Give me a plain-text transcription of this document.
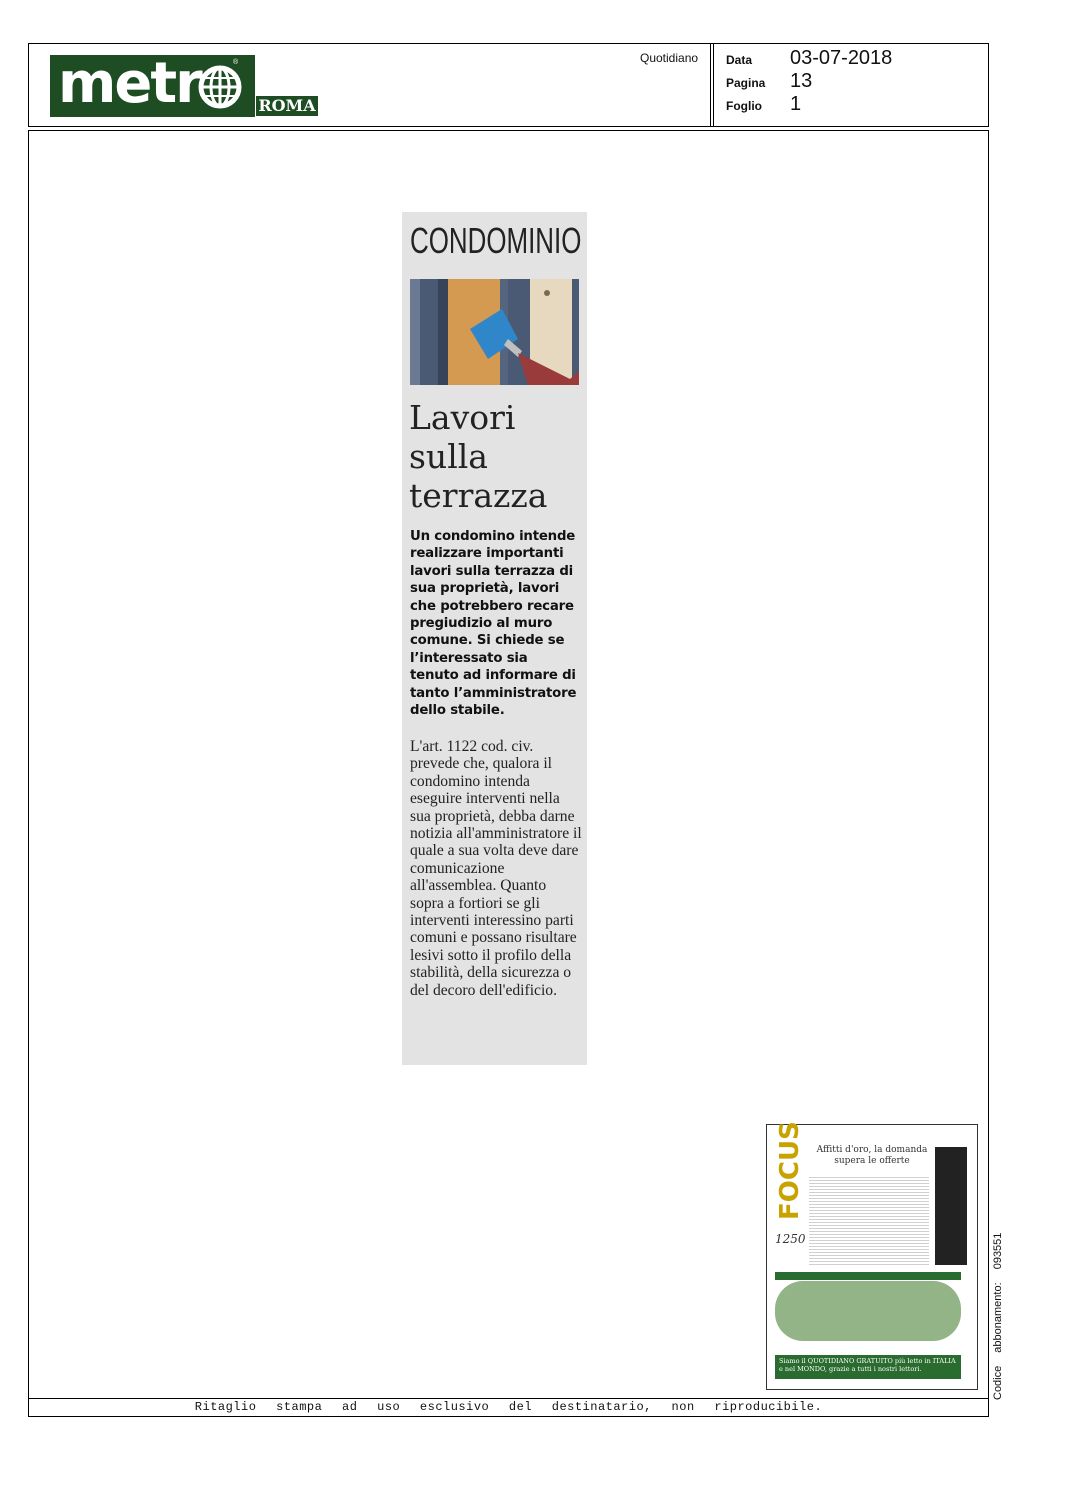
metr	®
ROMA
Quotidiano Data 03-07-2018
Pagina 13
Foglio 1
CONDOMINIO
Lavori
sulla
terrazza
Un condomino intende realizzare importanti lavori sulla terrazza di sua proprietà, lavori che potrebbero recare pregiudizio al muro comune. Si chiede se l’interessato sia tenuto ad informare di tanto l’amministratore dello stabile.
L'art. 1122 cod. civ. prevede che, qualora il condomino intenda eseguire interventi nella sua proprietà, debba darne notizia all'amministratore il quale a sua volta deve dare comunicazione all'assemblea. Quanto sopra a fortiori se gli interventi interessino parti comuni e possano risultare lesivi sotto il profilo della stabilità, della sicurezza o del decoro dell'edificio.
FOCUS	Affitti d'oro, la domanda supera le offerte
1250
Siamo il QUOTIDIANO GRATUITO più letto in ITALIA e nel MONDO, grazie a tutti i nostri lettori.
Ritaglio stampa ad uso esclusivo del destinatario, non riproducibile.
Codice abbonamento: 093551
